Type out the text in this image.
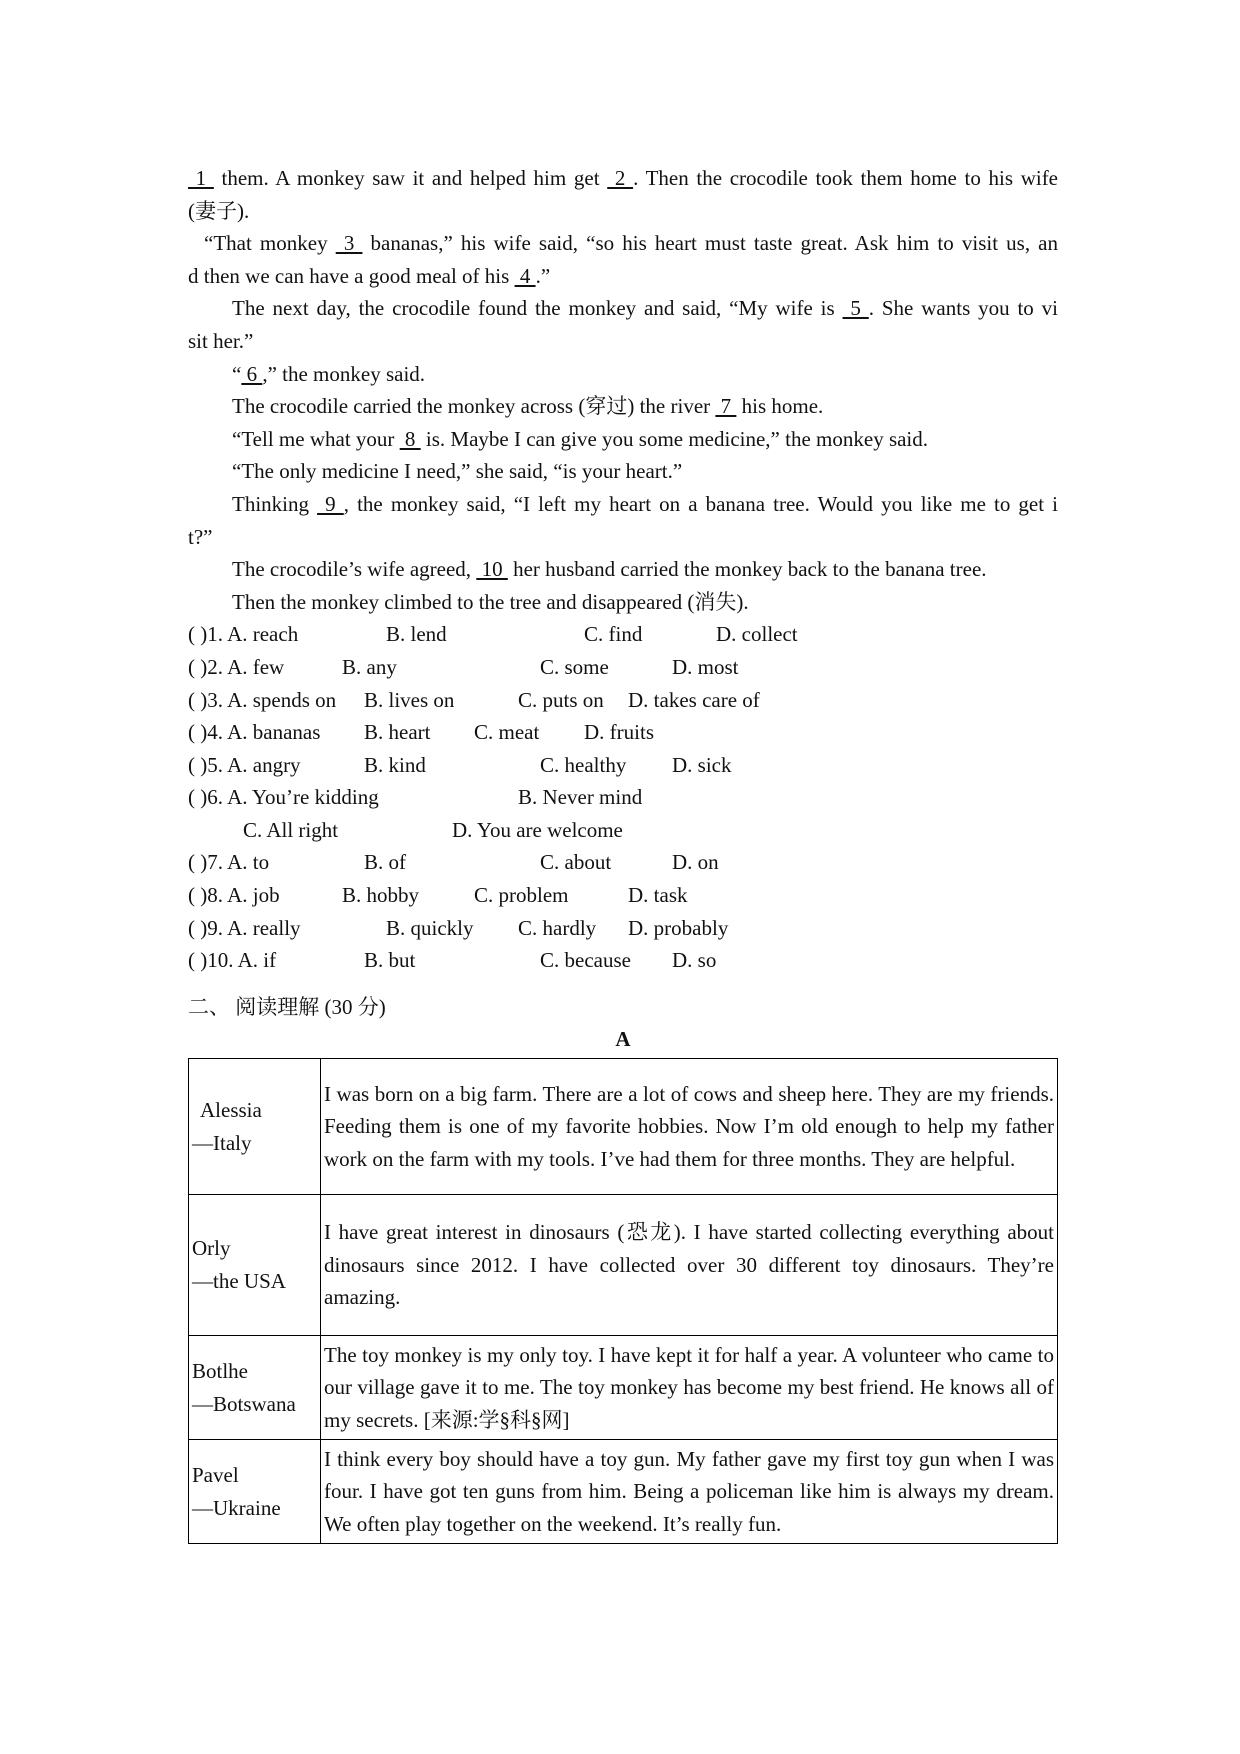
1  them. A monkey saw it and helped him get  2 . Then the crocodile took them home to his wife
(妻子).
“That monkey  3  bananas,” his wife said, “so his heart must taste great. Ask him to visit us, an
d then we can have a good meal of his  4 .”
The next day, the crocodile found the monkey and said, “My wife is  5 . She wants you to vi
sit her.”
“ 6 ,” the monkey said.
The crocodile carried the monkey across (穿过) the river  7  his home.
“Tell me what your  8  is. Maybe I can give you some medicine,” the monkey said.
“The only medicine I need,” she said, “is your heart.”
Thinking  9 , the monkey said, “I left my heart on a banana tree. Would you like me to get i
t?”
The crocodile’s wife agreed,  10  her husband carried the monkey back to the banana tree.
Then the monkey climbed to the tree and disappeared (消失).
( )1. A. reach	B. lend	C. find	D. collect
( )2. A. few	B. any	C. some	D. most
( )3. A. spends on B. lives on	C. puts on D. takes care of
( )4. A. bananas B. heart C. meat D. fruits
( )5. A. angry	B. kind	C. healthy D. sick
( )6. A. You’re kidding	B. Never mind
C. All right	D. You are welcome
( )7. A. to	B. of	C. about	D. on
( )8. A. job	B. hobby	C. problem	D. task
( )9. A. really	B. quickly C. hardly D. probably
( )10. A. if	B. but	C. because D. so
二、 阅读理解 (30 分)
A
Alessia
—Italy	I was born on a big farm. There are a lot of cows and sheep here. They are my friends. Feeding them is one of my favorite hobbies. Now I’m old enough to help my father work on the farm with my tools. I’ve had them for three months. They are helpful.

Orly
—the USA	I have great interest in dinosaurs (恐龙). I have started collecting everything about dinosaurs since 2012. I have collected over 30 different toy dinosaurs. They’re amazing.

Botlhe
—Botswana	The toy monkey is my only toy. I have kept it for half a year. A volunteer who came to our village gave it to me. The toy monkey has become my best friend. He knows all of my secrets. [来源:学§科§网]

Pavel
—Ukraine	I think every boy should have a toy gun. My father gave my first toy gun when I was four. I have got ten guns from him. Being a policeman like him is always my dream. We often play together on the weekend. It’s really fun.
